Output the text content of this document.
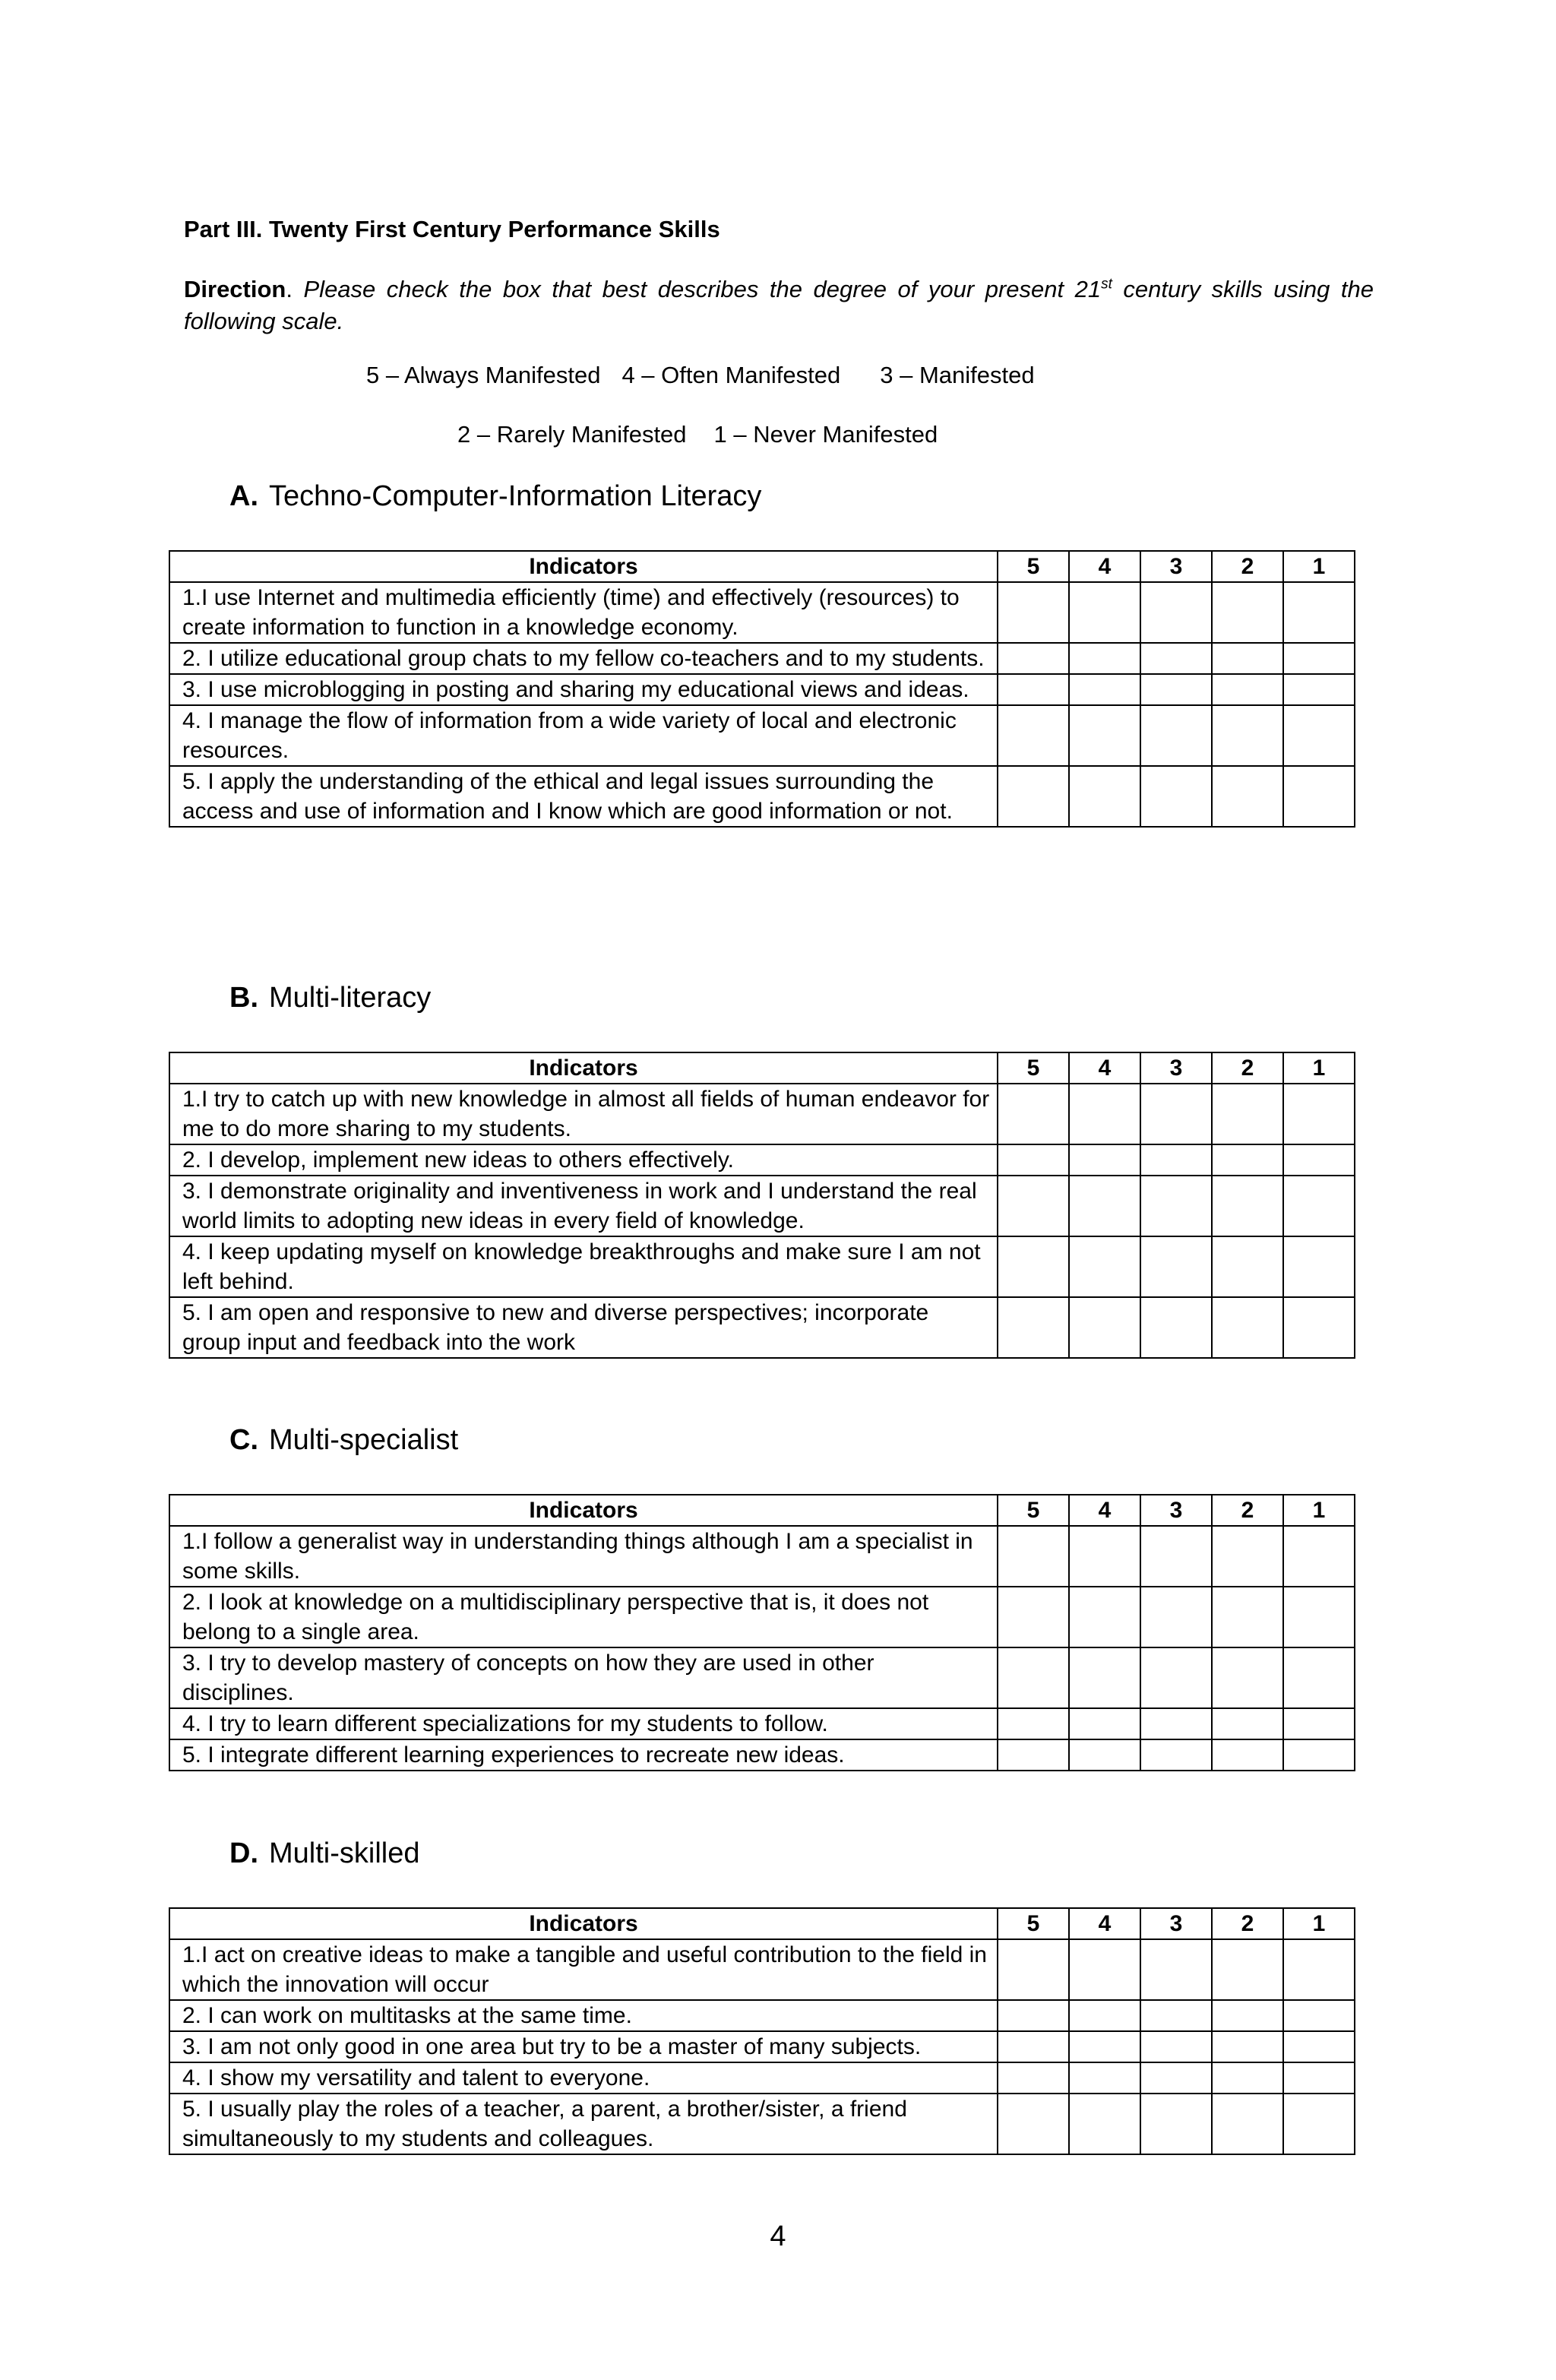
Part III. Twenty First Century Performance Skills
Direction. Please check the box that best describes the degree of your present 21st century skills using the following scale.
5 – Always Manifested 4 – Often Manifested 3 – Manifested
2 – Rarely Manifested 1 – Never Manifested
A. Techno-Computer-Information Literacy
Indicators	5	4	3	2	1
1.I use Internet and multimedia efficiently (time) and effectively (resources) to create information to function in a knowledge economy.					
2. I utilize educational group chats to my fellow co-teachers and to my students.					
3. I use microblogging in posting and sharing my educational views and ideas.					
4. I manage the flow of information from a wide variety of local and electronic resources.					
5. I apply the understanding of the ethical and legal issues surrounding the access and use of information and I know which are good information or not.					
B. Multi-literacy
Indicators	5	4	3	2	1
1.I try to catch up with new knowledge in almost all fields of human endeavor for me to do more sharing to my students.					
2. I develop, implement new ideas to others effectively.					
3. I demonstrate originality and inventiveness in work and I understand the real world limits to adopting new ideas in every field of knowledge.					
4. I keep updating myself on knowledge breakthroughs and make sure I am not left behind.					
5. I am open and responsive to new and diverse perspectives; incorporate group input and feedback into the work					
C. Multi-specialist
Indicators	5	4	3	2	1
1.I follow a generalist way in understanding things although I am a specialist in some skills.					
2. I look at knowledge on a multidisciplinary perspective that is, it does not belong to a single area.					
3. I try to develop mastery of concepts on how they are used in other disciplines.					
4. I try to learn different specializations for my students to follow.					
5. I integrate different learning experiences to recreate new ideas.					
D. Multi-skilled
Indicators	5	4	3	2	1
1.I act on creative ideas to make a tangible and useful contribution to the field in which the innovation will occur					
2. I can work on multitasks at the same time.					
3. I am not only good in one area but try to be a master of many subjects.					
4. I show my versatility and talent to everyone.					
5. I usually play the roles of a teacher, a parent, a brother/sister, a friend simultaneously to my students and colleagues.					
4
